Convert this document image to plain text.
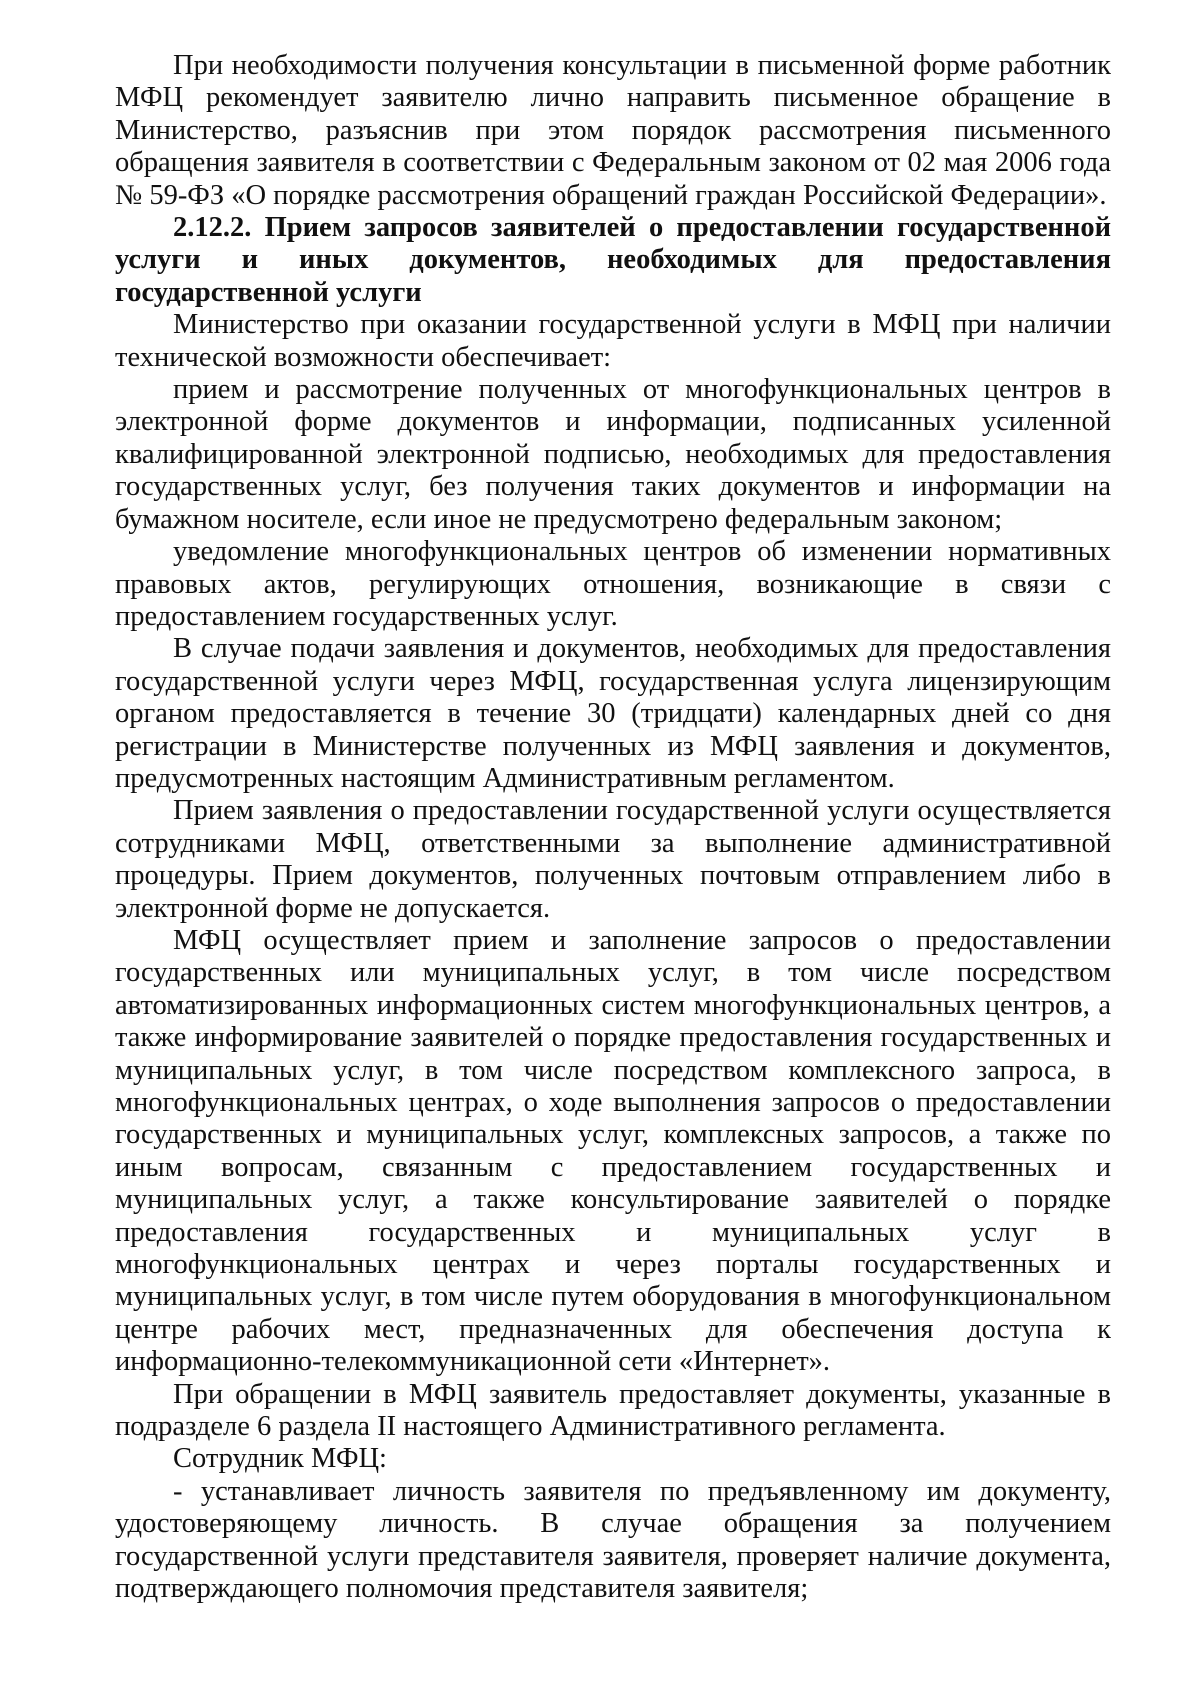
При необходимости получения консультации в письменной форме работник МФЦ рекомендует заявителю лично направить письменное обращение в Министерство, разъяснив при этом порядок рассмотрения письменного обращения заявителя в соответствии с Федеральным законом от 02 мая 2006 года № 59-ФЗ «О порядке рассмотрения обращений граждан Российской Федерации».

2.12.2. Прием запросов заявителей о предоставлении государственной услуги и иных документов, необходимых для предоставления государственной услуги

Министерство при оказании государственной услуги в МФЦ при наличии технической возможности обеспечивает:

прием и рассмотрение полученных от многофункциональных центров в электронной форме документов и информации, подписанных усиленной квалифицированной электронной подписью, необходимых для предоставления государственных услуг, без получения таких документов и информации на бумажном носителе, если иное не предусмотрено федеральным законом;

уведомление многофункциональных центров об изменении нормативных правовых актов, регулирующих отношения, возникающие в связи с предоставлением государственных услуг.

В случае подачи заявления и документов, необходимых для предоставления государственной услуги через МФЦ, государственная услуга лицензирующим органом предоставляется в течение 30 (тридцати) календарных дней со дня регистрации в Министерстве полученных из МФЦ заявления и документов, предусмотренных настоящим Административным регламентом.

Прием заявления о предоставлении государственной услуги осуществляется сотрудниками МФЦ, ответственными за выполнение административной процедуры. Прием документов, полученных почтовым отправлением либо в электронной форме не допускается.

МФЦ осуществляет прием и заполнение запросов о предоставлении государственных или муниципальных услуг, в том числе посредством автоматизированных информационных систем многофункциональных центров, а также информирование заявителей о порядке предоставления государственных и муниципальных услуг, в том числе посредством комплексного запроса, в многофункциональных центрах, о ходе выполнения запросов о предоставлении государственных и муниципальных услуг, комплексных запросов, а также по иным вопросам, связанным с предоставлением государственных и муниципальных услуг, а также консультирование заявителей о порядке предоставления государственных и муниципальных услуг в многофункциональных центрах и через порталы государственных и муниципальных услуг, в том числе путем оборудования в многофункциональном центре рабочих мест, предназначенных для обеспечения доступа к информационно-телекоммуникационной сети «Интернет».

При обращении в МФЦ заявитель предоставляет документы, указанные в подразделе 6 раздела II настоящего Административного регламента.

Сотрудник МФЦ:

- устанавливает личность заявителя по предъявленному им документу, удостоверяющему личность. В случае обращения за получением государственной услуги представителя заявителя, проверяет наличие документа, подтверждающего полномочия представителя заявителя;
